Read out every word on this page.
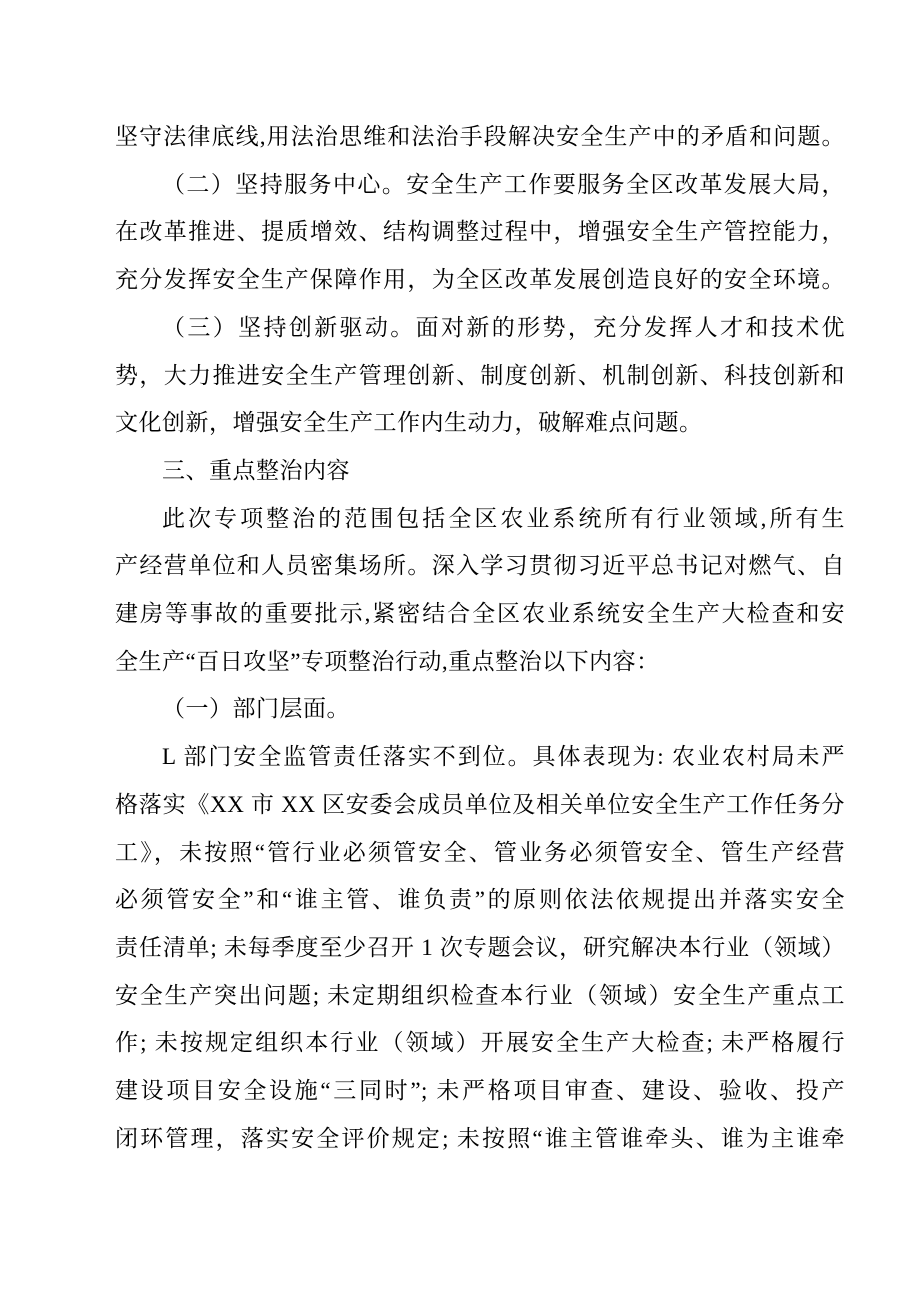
坚守法律底线,用法治思维和法治手段解决安全生产中的矛盾和问题。
（二）坚持服务中心。安全生产工作要服务全区改革发展大局，
在改革推进、提质增效、结构调整过程中，增强安全生产管控能力，
充分发挥安全生产保障作用，为全区改革发展创造良好的安全环境。
（三）坚持创新驱动。面对新的形势，充分发挥人才和技术优
势，大力推进安全生产管理创新、制度创新、机制创新、科技创新和
文化创新，增强安全生产工作内生动力，破解难点问题。
三、重点整治内容
此次专项整治的范围包括全区农业系统所有行业领域,所有生
产经营单位和人员密集场所。深入学习贯彻习近平总书记对燃气、自
建房等事故的重要批示,紧密结合全区农业系统安全生产大检查和安
全生产“百日攻坚”专项整治行动,重点整治以下内容：
（一）部门层面。
L 部门安全监管责任落实不到位。具体表现为: 农业农村局未严
格落实《XX 市 XX 区安委会成员单位及相关单位安全生产工作任务分
工》，未按照“管行业必须管安全、管业务必须管安全、管生产经营
必须管安全”和“谁主管、谁负责”的原则依法依规提出并落实安全
责任清单; 未每季度至少召开 1 次专题会议，研究解决本行业（领域）
安全生产突出问题; 未定期组织检查本行业（领域）安全生产重点工
作; 未按规定组织本行业（领域）开展安全生产大检查; 未严格履行
建设项目安全设施“三同时”; 未严格项目审查、建设、验收、投产
闭环管理，落实安全评价规定; 未按照“谁主管谁牵头、谁为主谁牵
